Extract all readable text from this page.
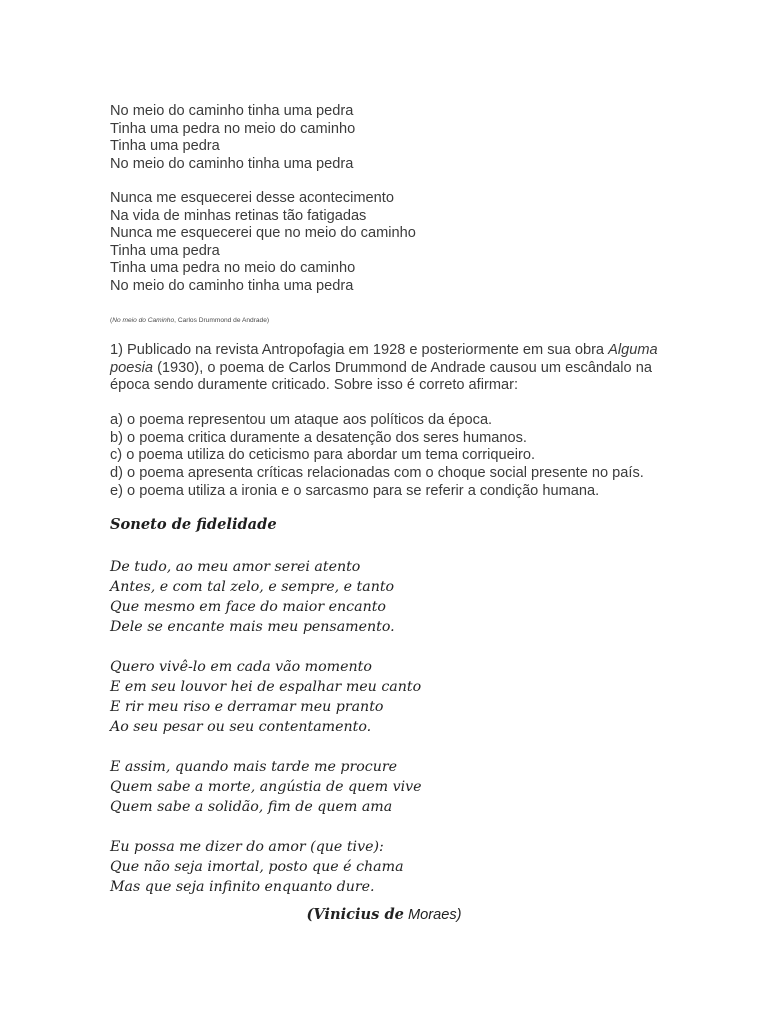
No meio do caminho tinha uma pedra
Tinha uma pedra no meio do caminho
Tinha uma pedra
No meio do caminho tinha uma pedra
Nunca me esquecerei desse acontecimento
Na vida de minhas retinas tão fatigadas
Nunca me esquecerei que no meio do caminho
Tinha uma pedra
Tinha uma pedra no meio do caminho
No meio do caminho tinha uma pedra
(No meio do Caminho, Carlos Drummond de Andrade)
1) Publicado na revista Antropofagia em 1928 e posteriormente em sua obra Alguma
poesia (1930), o poema de Carlos Drummond de Andrade causou um escândalo na
época sendo duramente criticado. Sobre isso é correto afirmar:
a) o poema representou um ataque aos políticos da época.
b) o poema critica duramente a desatenção dos seres humanos.
c) o poema utiliza do ceticismo para abordar um tema corriqueiro.
d) o poema apresenta críticas relacionadas com o choque social presente no país.
e) o poema utiliza a ironia e o sarcasmo para se referir a condição humana.
Soneto de fidelidade
De tudo, ao meu amor serei atento
Antes, e com tal zelo, e sempre, e tanto
Que mesmo em face do maior encanto
Dele se encante mais meu pensamento.
Quero vivê-lo em cada vão momento
E em seu louvor hei de espalhar meu canto
E rir meu riso e derramar meu pranto
Ao seu pesar ou seu contentamento.
E assim, quando mais tarde me procure
Quem sabe a morte, angústia de quem vive
Quem sabe a solidão, fim de quem ama
Eu possa me dizer do amor (que tive):
Que não seja imortal, posto que é chama
Mas que seja infinito enquanto dure.
(Vinicius de Moraes)
